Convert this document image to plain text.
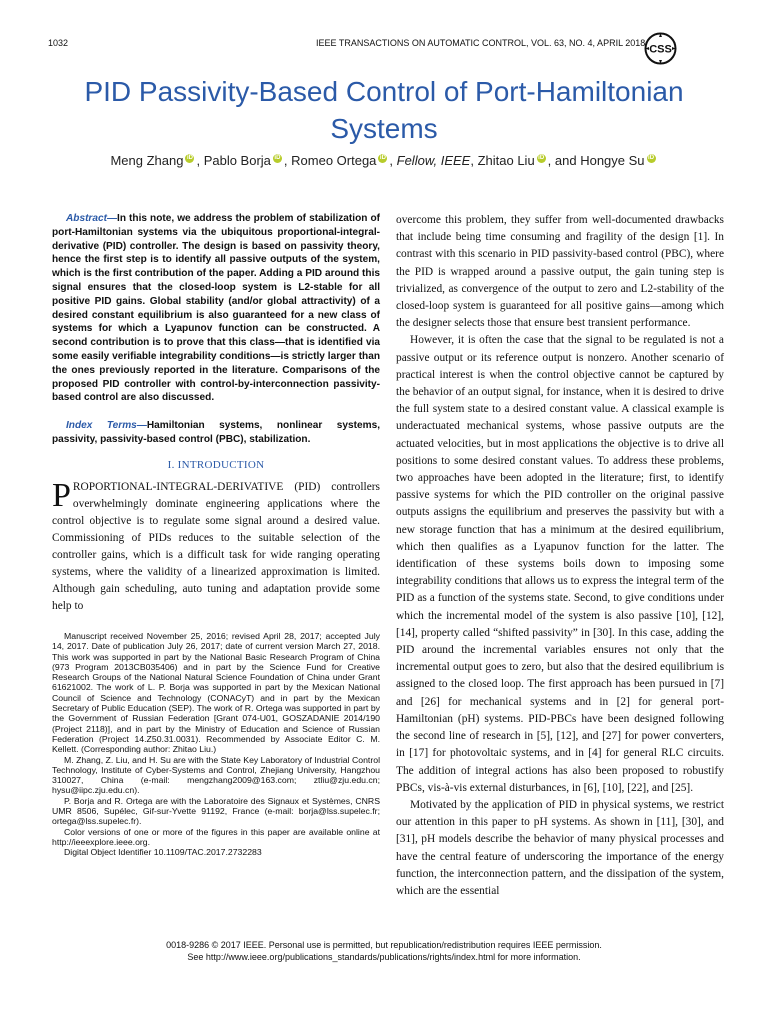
1032	IEEE TRANSACTIONS ON AUTOMATIC CONTROL, VOL. 63, NO. 4, APRIL 2018
CSS
PID Passivity-Based Control of Port-Hamiltonian
Systems
Meng Zhang iD , Pablo Borja iD , Romeo Ortega iD , Fellow, IEEE, Zhitao Liu iD , and Hongye Su iD

Abstract—In this note, we address the problem of stabilization of port-Hamiltonian systems via the ubiquitous proportional-integral-derivative (PID) controller. The design is based on passivity theory, hence the first step is to identify all passive outputs of the system, which is the first contribution of the paper. Adding a PID around this signal ensures that the closed-loop system is L2-stable for all positive PID gains. Global stability (and/or global attractivity) of a desired constant equilibrium is also guaranteed for a new class of systems for which a Lyapunov function can be constructed. A second contribution is to prove that this class—that is identified via some easily verifiable integrability conditions—is strictly larger than the ones previously reported in the literature. Comparisons of the proposed PID controller with control-by-interconnection passivity-based control are also discussed.

Index Terms—Hamiltonian systems, nonlinear systems, passivity, passivity-based control (PBC), stabilization.

I. INTRODUCTION

PROPORTIONAL-INTEGRAL-DERIVATIVE (PID) controllers overwhelmingly dominate engineering applications where the control objective is to regulate some signal around a desired value. Commissioning of PIDs reduces to the suitable selection of the controller gains, which is a difficult task for wide ranging operating systems, where the validity of a linearized approximation is limited. Although gain scheduling, auto tuning and adaptation provide some help to

Manuscript received November 25, 2016; revised April 28, 2017; accepted July 14, 2017. Date of publication July 26, 2017; date of current version March 27, 2018. This work was supported in part by the National Basic Research Program of China (973 Program 2013CB035406) and in part by the Science Fund for Creative Research Groups of the National Natural Science Foundation of China under Grant 61621002. The work of L. P. Borja was supported in part by the Mexican National Council of Science and Technology (CONACyT) and in part by the Mexican Secretary of Public Education (SEP). The work of R. Ortega was supported in part by the Government of Russian Federation [Grant 074-U01, GOSZADANIE 2014/190 (Project 2118)], and in part by the Ministry of Education and Science of Russian Federation (Project 14.Z50.31.0031). Recommended by Associate Editor C. M. Kellett. (Corresponding author: Zhitao Liu.)

M. Zhang, Z. Liu, and H. Su are with the State Key Laboratory of Industrial Control Technology, Institute of Cyber-Systems and Control, Zhejiang University, Hangzhou 310027, China (e-mail: mengzhang2009@163.com; ztliu@zju.edu.cn; hysu@iipc.zju.edu.cn).

P. Borja and R. Ortega are with the Laboratoire des Signaux et Systèmes, CNRS UMR 8506, Supélec, Gif-sur-Yvette 91192, France (e-mail: borja@lss.supelec.fr; ortega@lss.supelec.fr).

Color versions of one or more of the figures in this paper are available online at http://ieeexplore.ieee.org.

Digital Object Identifier 10.1109/TAC.2017.2732283

overcome this problem, they suffer from well-documented drawbacks that include being time consuming and fragility of the design [1]. In contrast with this scenario in PID passivity-based control (PBC), where the PID is wrapped around a passive output, the gain tuning step is trivialized, as convergence of the output to zero and L2-stability of the closed-loop system is guaranteed for all positive gains—among which the designer selects those that ensure best transient performance.

However, it is often the case that the signal to be regulated is not a passive output or its reference output is nonzero. Another scenario of practical interest is when the control objective cannot be captured by the behavior of an output signal, for instance, when it is desired to drive the full system state to a desired constant value. A classical example is underactuated mechanical systems, whose passive outputs are the actuated velocities, but in most applications the objective is to drive all positions to some desired constant values. To address these problems, two approaches have been adopted in the literature; first, to identify passive systems for which the PID controller on the original passive outputs assigns the equilibrium and preserves the passivity but with a new storage function that has a minimum at the desired equilibrium, which then qualifies as a Lyapunov function for the latter. The identification of these systems boils down to imposing some integrability conditions that allows us to express the integral term of the PID as a function of the systems state. Second, to give conditions under which the incremental model of the system is also passive [10], [12], [14], property called “shifted passivity” in [30]. In this case, adding the PID around the incremental variables ensures not only that the incremental output goes to zero, but also that the desired equilibrium is assigned to the closed loop. The first approach has been pursued in [7] and [26] for mechanical systems and in [2] for general port-Hamiltonian (pH) systems. PID-PBCs have been designed following the second line of research in [5], [12], and [27] for power converters, in [17] for photovoltaic systems, and in [4] for general RLC circuits. The addition of integral actions has also been proposed to robustify PBCs, vis-à-vis external disturbances, in [6], [10], [22], and [25].

Motivated by the application of PID in physical systems, we restrict our attention in this paper to pH systems. As shown in [11], [30], and [31], pH models describe the behavior of many physical processes and have the central feature of underscoring the importance of the energy function, the interconnection pattern, and the dissipation of the system, which are the essential

0018-9286 © 2017 IEEE. Personal use is permitted, but republication/redistribution requires IEEE permission.
See http://www.ieee.org/publications_standards/publications/rights/index.html for more information.
